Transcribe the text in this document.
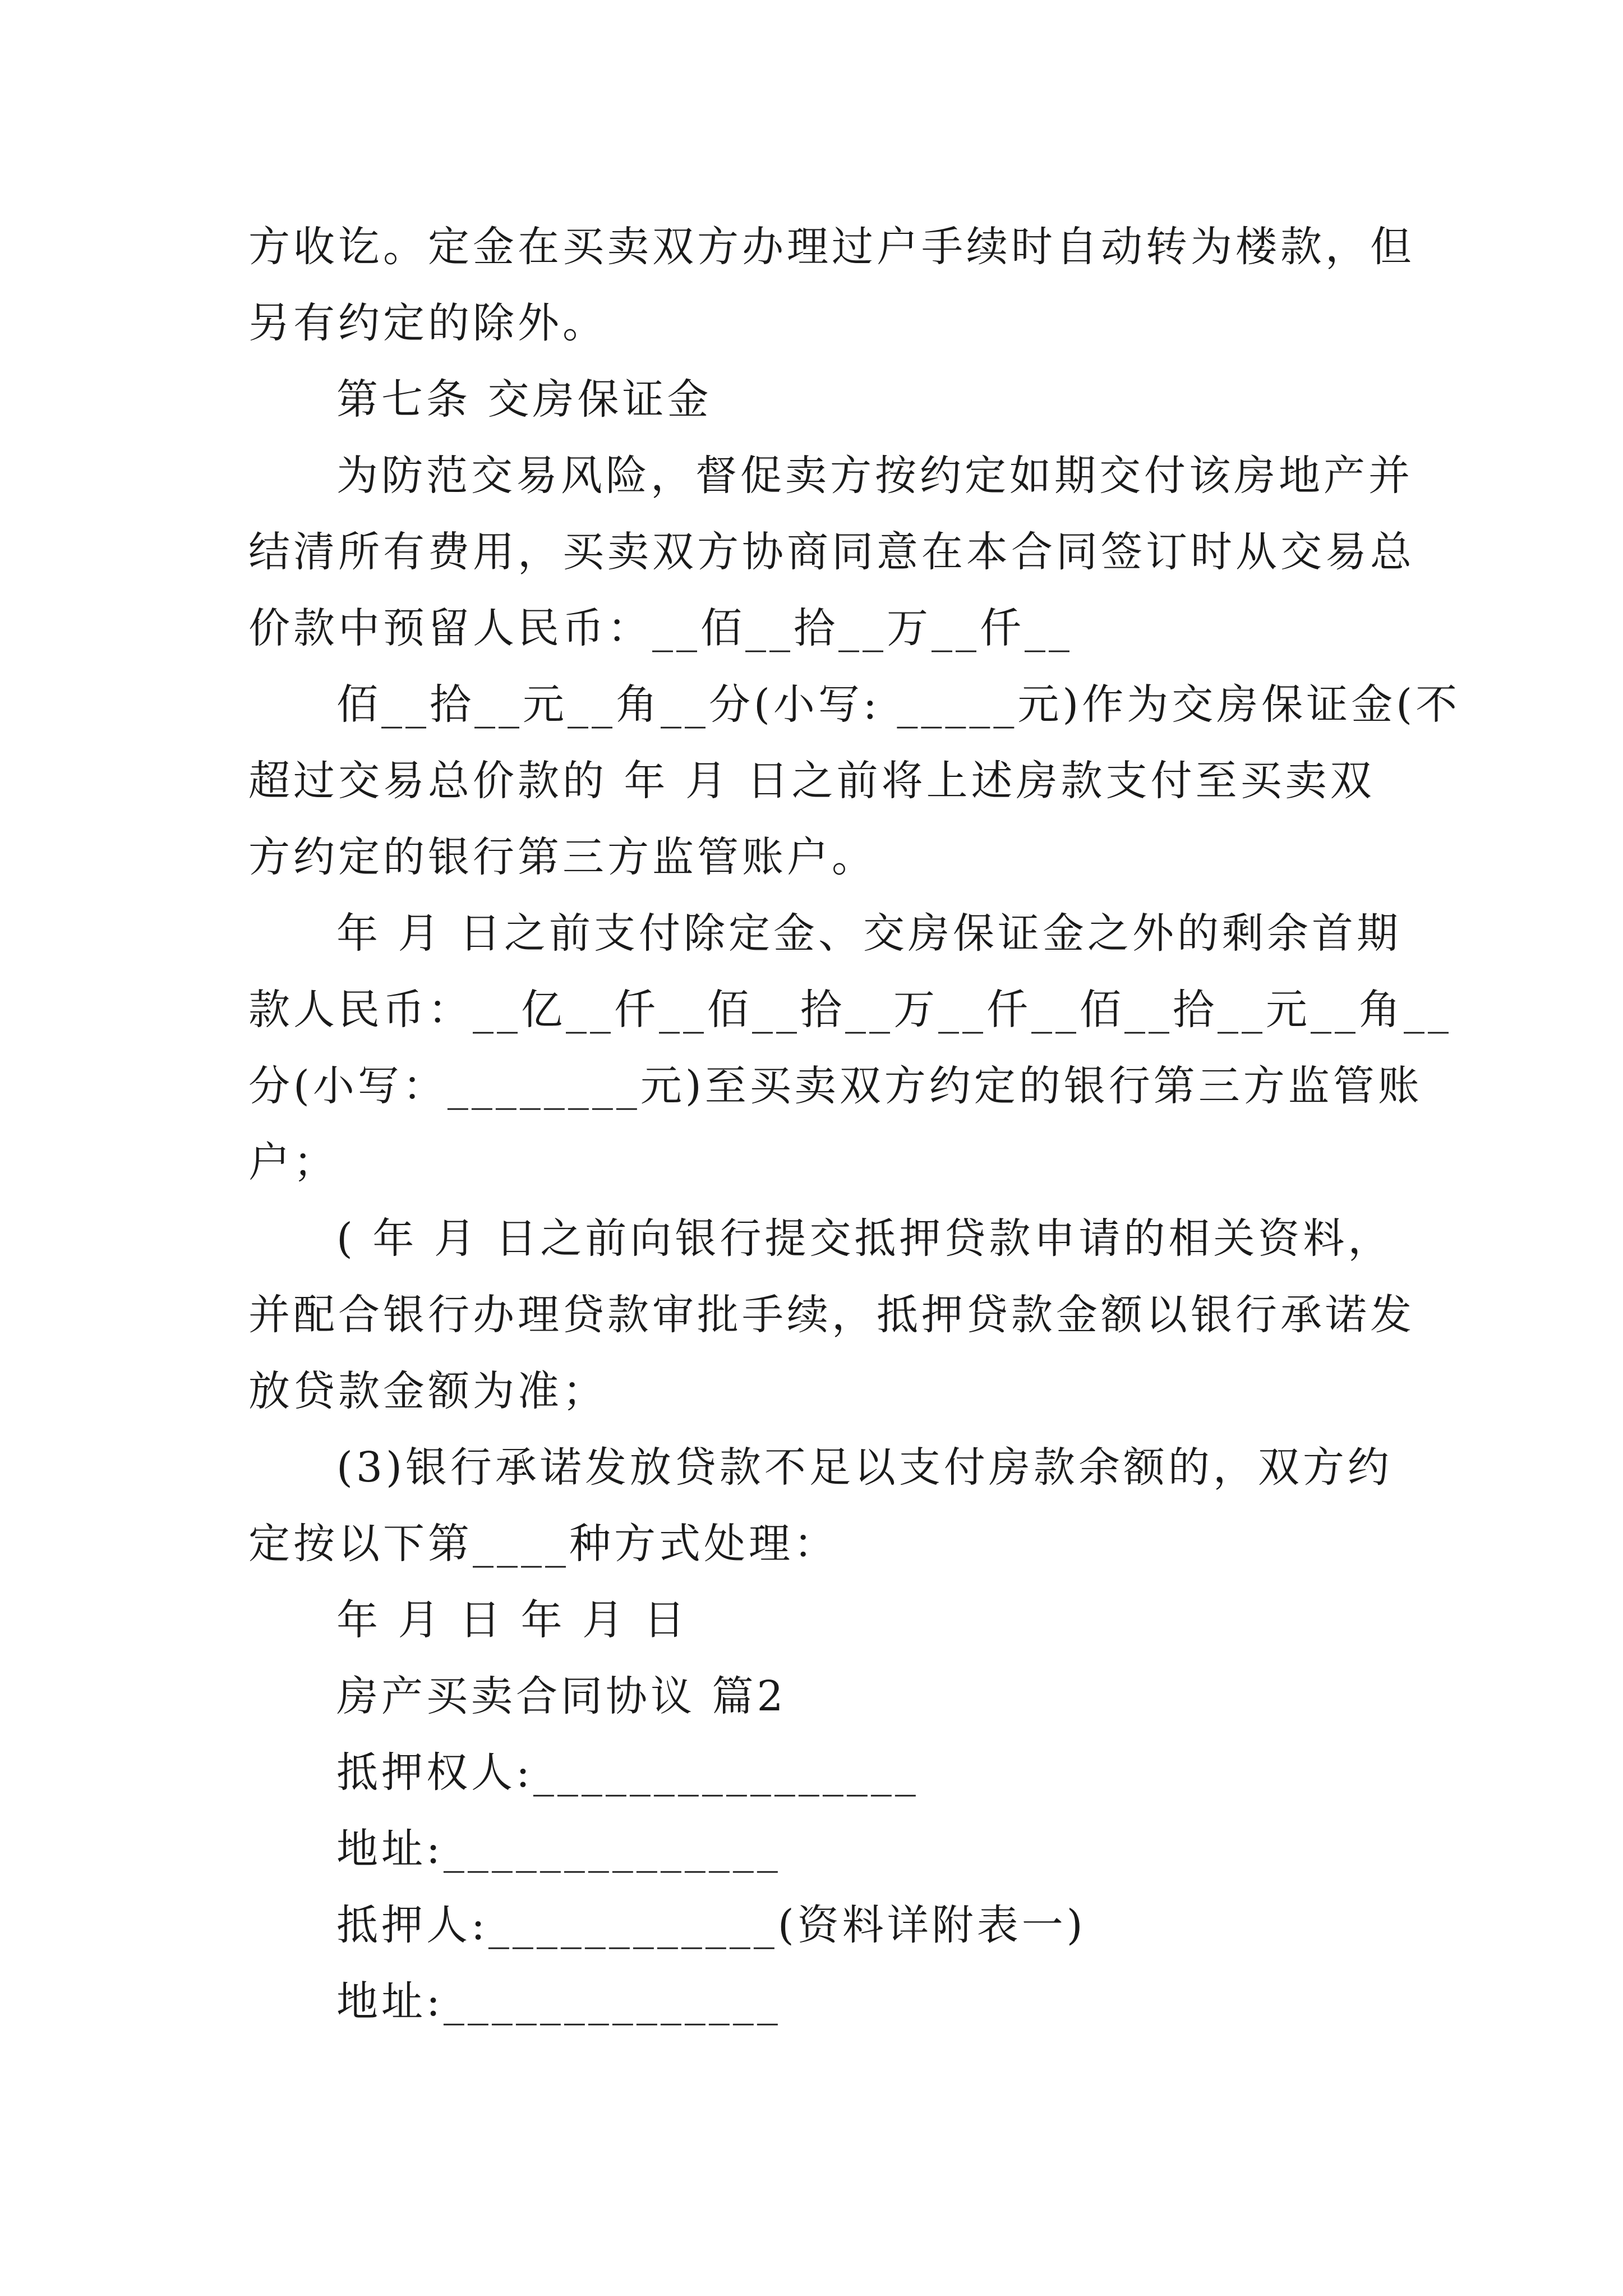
方收讫。定金在买卖双方办理过户手续时自动转为楼款，但
另有约定的除外。
第七条 交房保证金
为防范交易风险，督促卖方按约定如期交付该房地产并
结清所有费用，买卖双方协商同意在本合同签订时从交易总
价款中预留人民币：__佰__拾__万__仟__
佰__拾__元__角__分(小写: _____元)作为交房保证金(不
超过交易总价款的 年 月 日之前将上述房款支付至买卖双
方约定的银行第三方监管账户。
年 月 日之前支付除定金、交房保证金之外的剩余首期
款人民币：__亿__仟__佰__拾__万__仟__佰__拾__元__角__
分(小写：________元)至买卖双方约定的银行第三方监管账
户；
( 年 月 日之前向银行提交抵押贷款申请的相关资料，
并配合银行办理贷款审批手续，抵押贷款金额以银行承诺发
放贷款金额为准；
(3)银行承诺发放贷款不足以支付房款余额的，双方约
定按以下第____种方式处理：
年 月 日 年 月 日
房产买卖合同协议 篇2
抵押权人:________________
地址:______________
抵押人:____________(资料详附表一)
地址:______________
